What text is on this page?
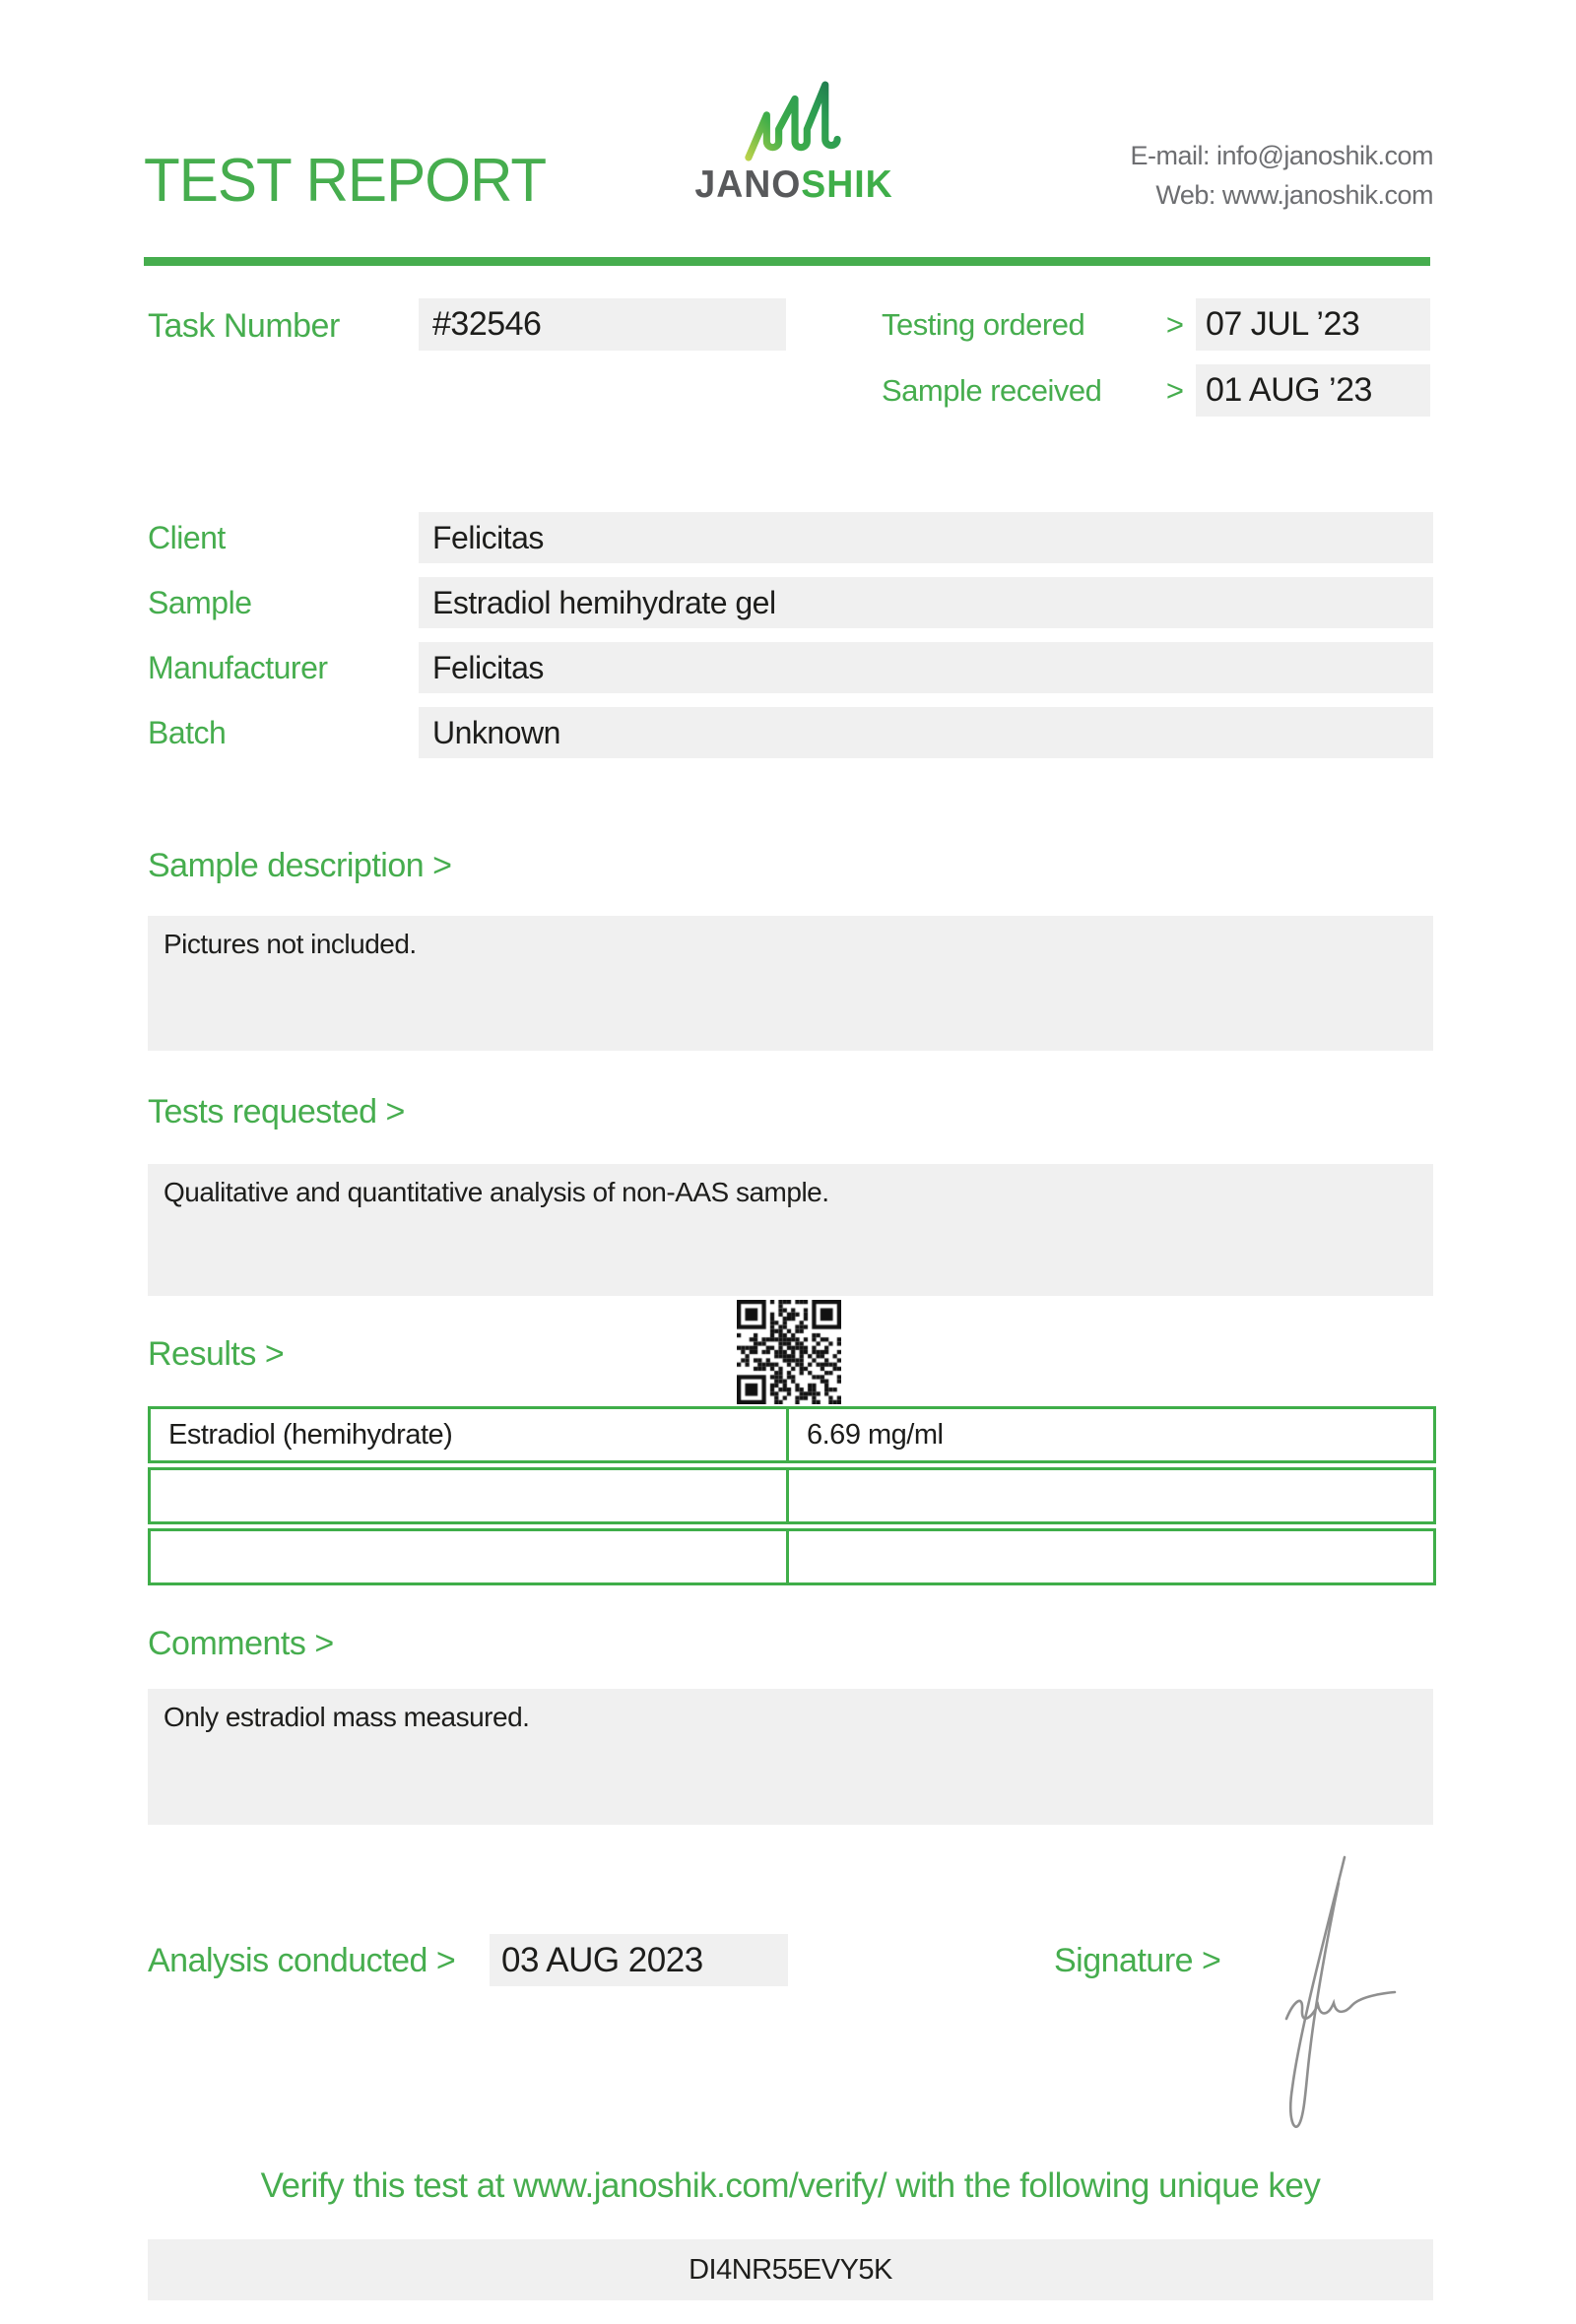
TEST REPORT	JANOSHIK
E-mail: info@janoshik.com
Web: www.janoshik.com
Task Number	#32546	Testing ordered	> 07 JUL ’23
Sample received > 01 AUG ’23
Client	Felicitas
Sample	Estradiol hemihydrate gel
Manufacturer	Felicitas
Batch	Unknown
Sample description >
Pictures not included.
Tests requested >
Qualitative and quantitative analysis of non-AAS sample.
Results >
Estradiol (hemihydrate)	6.69 mg/ml
Comments >
Only estradiol mass measured.
Analysis conducted >	03 AUG 2023	Signature >
Verify this test at www.janoshik.com/verify/ with the following unique key
DI4NR55EVY5K
